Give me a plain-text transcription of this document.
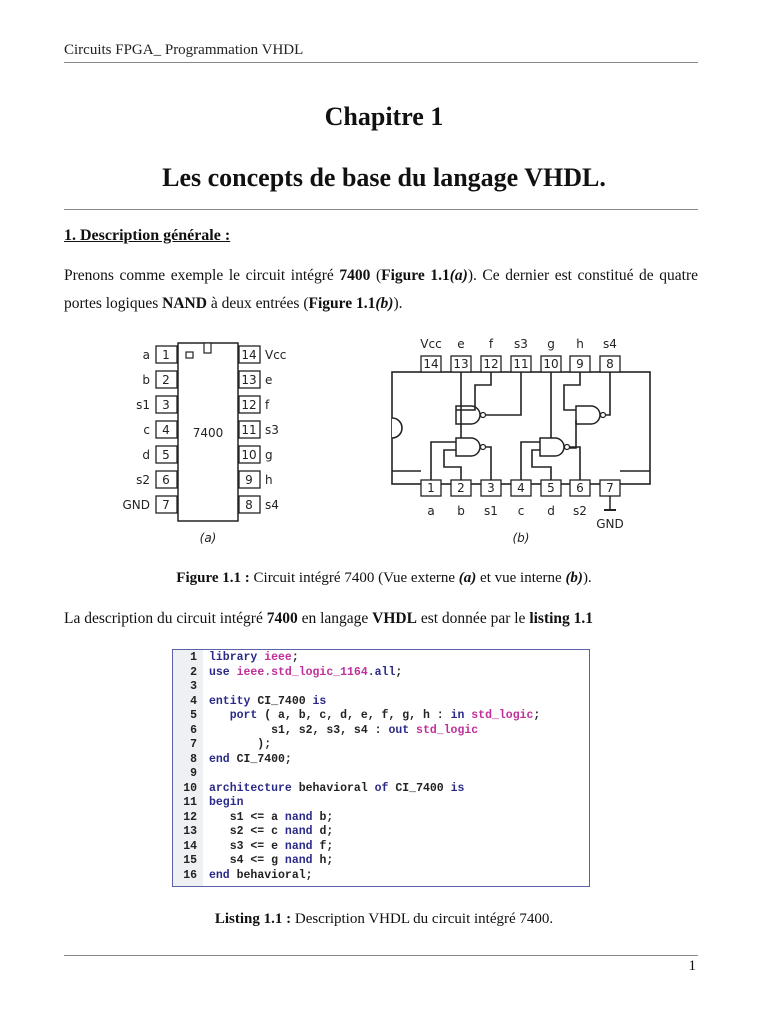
Circuits FPGA_ Programmation VHDL
Chapitre 1
Les concepts de base du langage VHDL.
1. Description générale :
Prenons comme exemple le circuit intégré 7400 (Figure 1.1(a)). Ce dernier est constitué de quatre portes logiques NAND à deux entrées (Figure 1.1(b)).
7400
1
a
2
b
3
s1
4
c
5
d
6
s2
7
GND
14 Vcc
13 e
12 f
11 s3
10 g
9 h
8 s4
(a)
14
Vcc
13
e
12
f
11
s3
10
g
9
h
8
s4
1
a
2
b
3
s1
4
c
5
d
6
s2
7
GND
(b)
Figure 1.1 : Circuit intégré 7400 (Vue externe (a) et vue interne (b)).
La description du circuit intégré 7400 en langage VHDL est donnée par le listing 1.1
1 library ieee;
2 use ieee.std_logic_1164.all;
3
4 entity CI_7400 is
5   port ( a, b, c, d, e, f, g, h : in std_logic;
6         s1, s2, s3, s4 : out std_logic
7       );
8 end CI_7400;
9
10 architecture behavioral of CI_7400 is
11 begin
12   s1 <= a nand b;
13   s2 <= c nand d;
14   s3 <= e nand f;
15   s4 <= g nand h;
16 end behavioral;
Listing 1.1 : Description VHDL du circuit intégré 7400.
1
